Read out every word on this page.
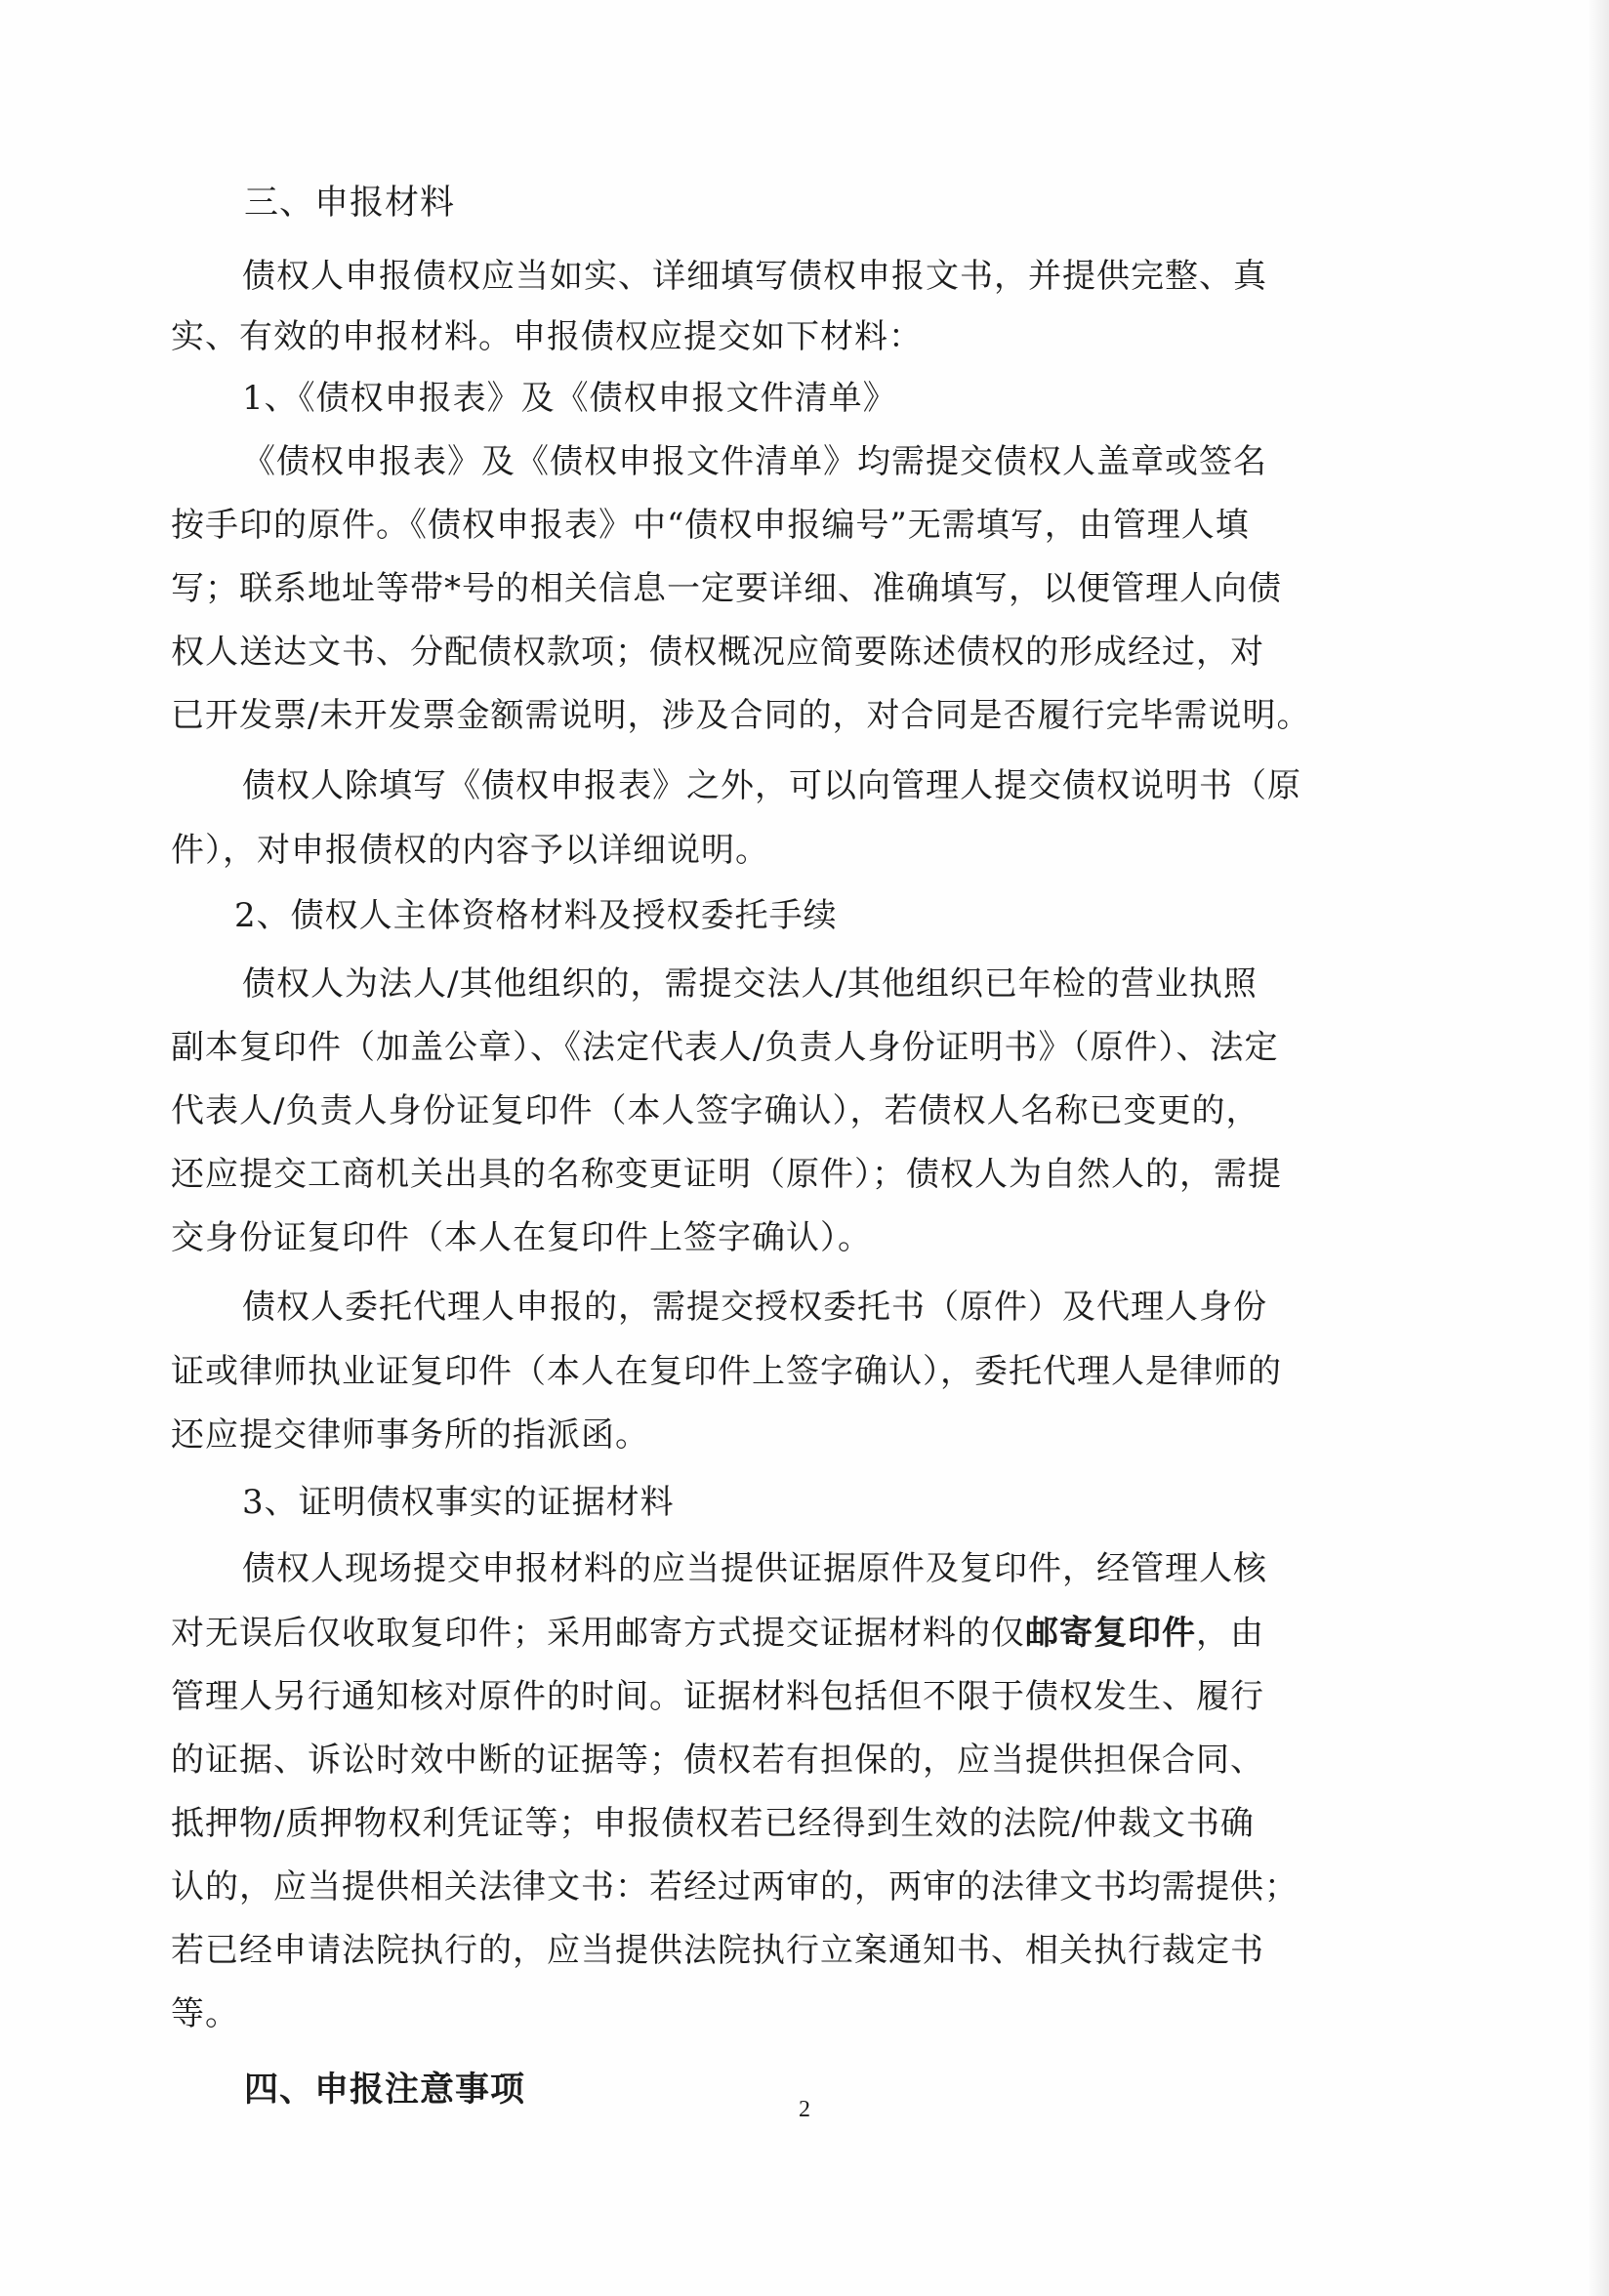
三、申报材料
债权人申报债权应当如实、详细填写债权申报文书，并提供完整、真
实、有效的申报材料。申报债权应提交如下材料：
1、《债权申报表》及《债权申报文件清单》
《债权申报表》及《债权申报文件清单》均需提交债权人盖章或签名
按手印的原件。《债权申报表》中“债权申报编号”无需填写，由管理人填
写；联系地址等带*号的相关信息一定要详细、准确填写，以便管理人向债
权人送达文书、分配债权款项；债权概况应简要陈述债权的形成经过，对
已开发票/未开发票金额需说明，涉及合同的，对合同是否履行完毕需说明。
债权人除填写《债权申报表》之外，可以向管理人提交债权说明书（原
件），对申报债权的内容予以详细说明。
2、债权人主体资格材料及授权委托手续
债权人为法人/其他组织的，需提交法人/其他组织已年检的营业执照
副本复印件（加盖公章）、《法定代表人/负责人身份证明书》（原件）、法定
代表人/负责人身份证复印件（本人签字确认），若债权人名称已变更的，
还应提交工商机关出具的名称变更证明（原件）；债权人为自然人的，需提
交身份证复印件（本人在复印件上签字确认）。
债权人委托代理人申报的，需提交授权委托书（原件）及代理人身份
证或律师执业证复印件（本人在复印件上签字确认），委托代理人是律师的
还应提交律师事务所的指派函。
3、证明债权事实的证据材料
债权人现场提交申报材料的应当提供证据原件及复印件，经管理人核
对无误后仅收取复印件；采用邮寄方式提交证据材料的仅邮寄复印件，由
管理人另行通知核对原件的时间。证据材料包括但不限于债权发生、履行
的证据、诉讼时效中断的证据等；债权若有担保的，应当提供担保合同、
抵押物/质押物权利凭证等；申报债权若已经得到生效的法院/仲裁文书确
认的，应当提供相关法律文书：若经过两审的，两审的法律文书均需提供；
若已经申请法院执行的，应当提供法院执行立案通知书、相关执行裁定书
等。
四、申报注意事项	2
